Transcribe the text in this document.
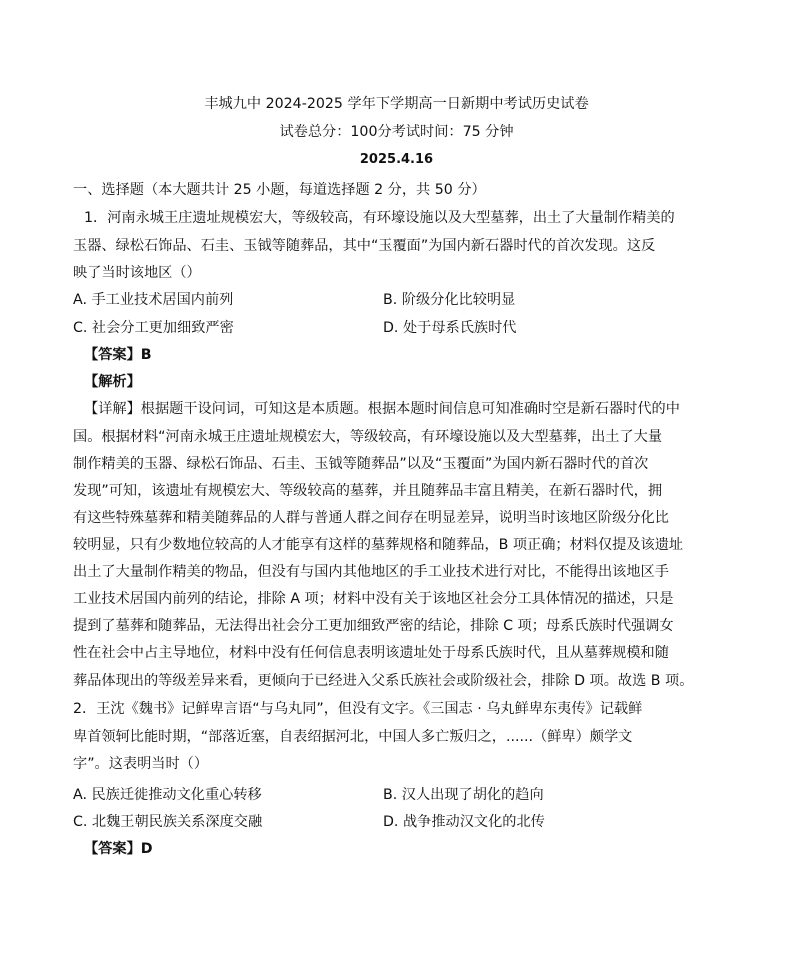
丰城九中 2024-2025 学年下学期高一日新期中考试历史试卷
试卷总分：100分考试时间：75 分钟
2025.4.16
一、选择题（本大题共计 25 小题，每道选择题 2 分，共 50 分）
1．河南永城王庄遗址规模宏大，等级较高，有环壕设施以及大型墓葬，出土了大量制作精美的
玉器、绿松石饰品、石圭、玉钺等随葬品，其中“玉覆面”为国内新石器时代的首次发现。这反
映了当时该地区（）
A. 手工业技术居国内前列	B. 阶级分化比较明显
C. 社会分工更加细致严密	D. 处于母系氏族时代
【答案】B
【解析】
【详解】根据题干设问词，可知这是本质题。根据本题时间信息可知准确时空是新石器时代的中
国。根据材料“河南永城王庄遗址规模宏大，等级较高，有环壕设施以及大型墓葬，出土了大量
制作精美的玉器、绿松石饰品、石圭、玉钺等随葬品”以及“玉覆面”为国内新石器时代的首次
发现”可知，该遗址有规模宏大、等级较高的墓葬，并且随葬品丰富且精美，在新石器时代，拥
有这些特殊墓葬和精美随葬品的人群与普通人群之间存在明显差异，说明当时该地区阶级分化比
较明显，只有少数地位较高的人才能享有这样的墓葬规格和随葬品，B 项正确；材料仅提及该遗址
出土了大量制作精美的物品，但没有与国内其他地区的手工业技术进行对比，不能得出该地区手
工业技术居国内前列的结论，排除 A 项；材料中没有关于该地区社会分工具体情况的描述，只是
提到了墓葬和随葬品，无法得出社会分工更加细致严密的结论，排除 C 项；母系氏族时代强调女
性在社会中占主导地位，材料中没有任何信息表明该遗址处于母系氏族时代，且从墓葬规模和随
葬品体现出的等级差异来看，更倾向于已经进入父系氏族社会或阶级社会，排除 D 项。故选 B 项。
2．王沈《魏书》记鲜卑言语“与乌丸同”，但没有文字。《三国志 · 乌丸鲜卑东夷传》记载鲜
卑首领轲比能时期，“部落近塞，自表绍据河北，中国人多亡叛归之，......（鲜卑）颇学文
字”。这表明当时（）
A. 民族迁徙推动文化重心转移	B. 汉人出现了胡化的趋向
C. 北魏王朝民族关系深度交融	D. 战争推动汉文化的北传
【答案】D
